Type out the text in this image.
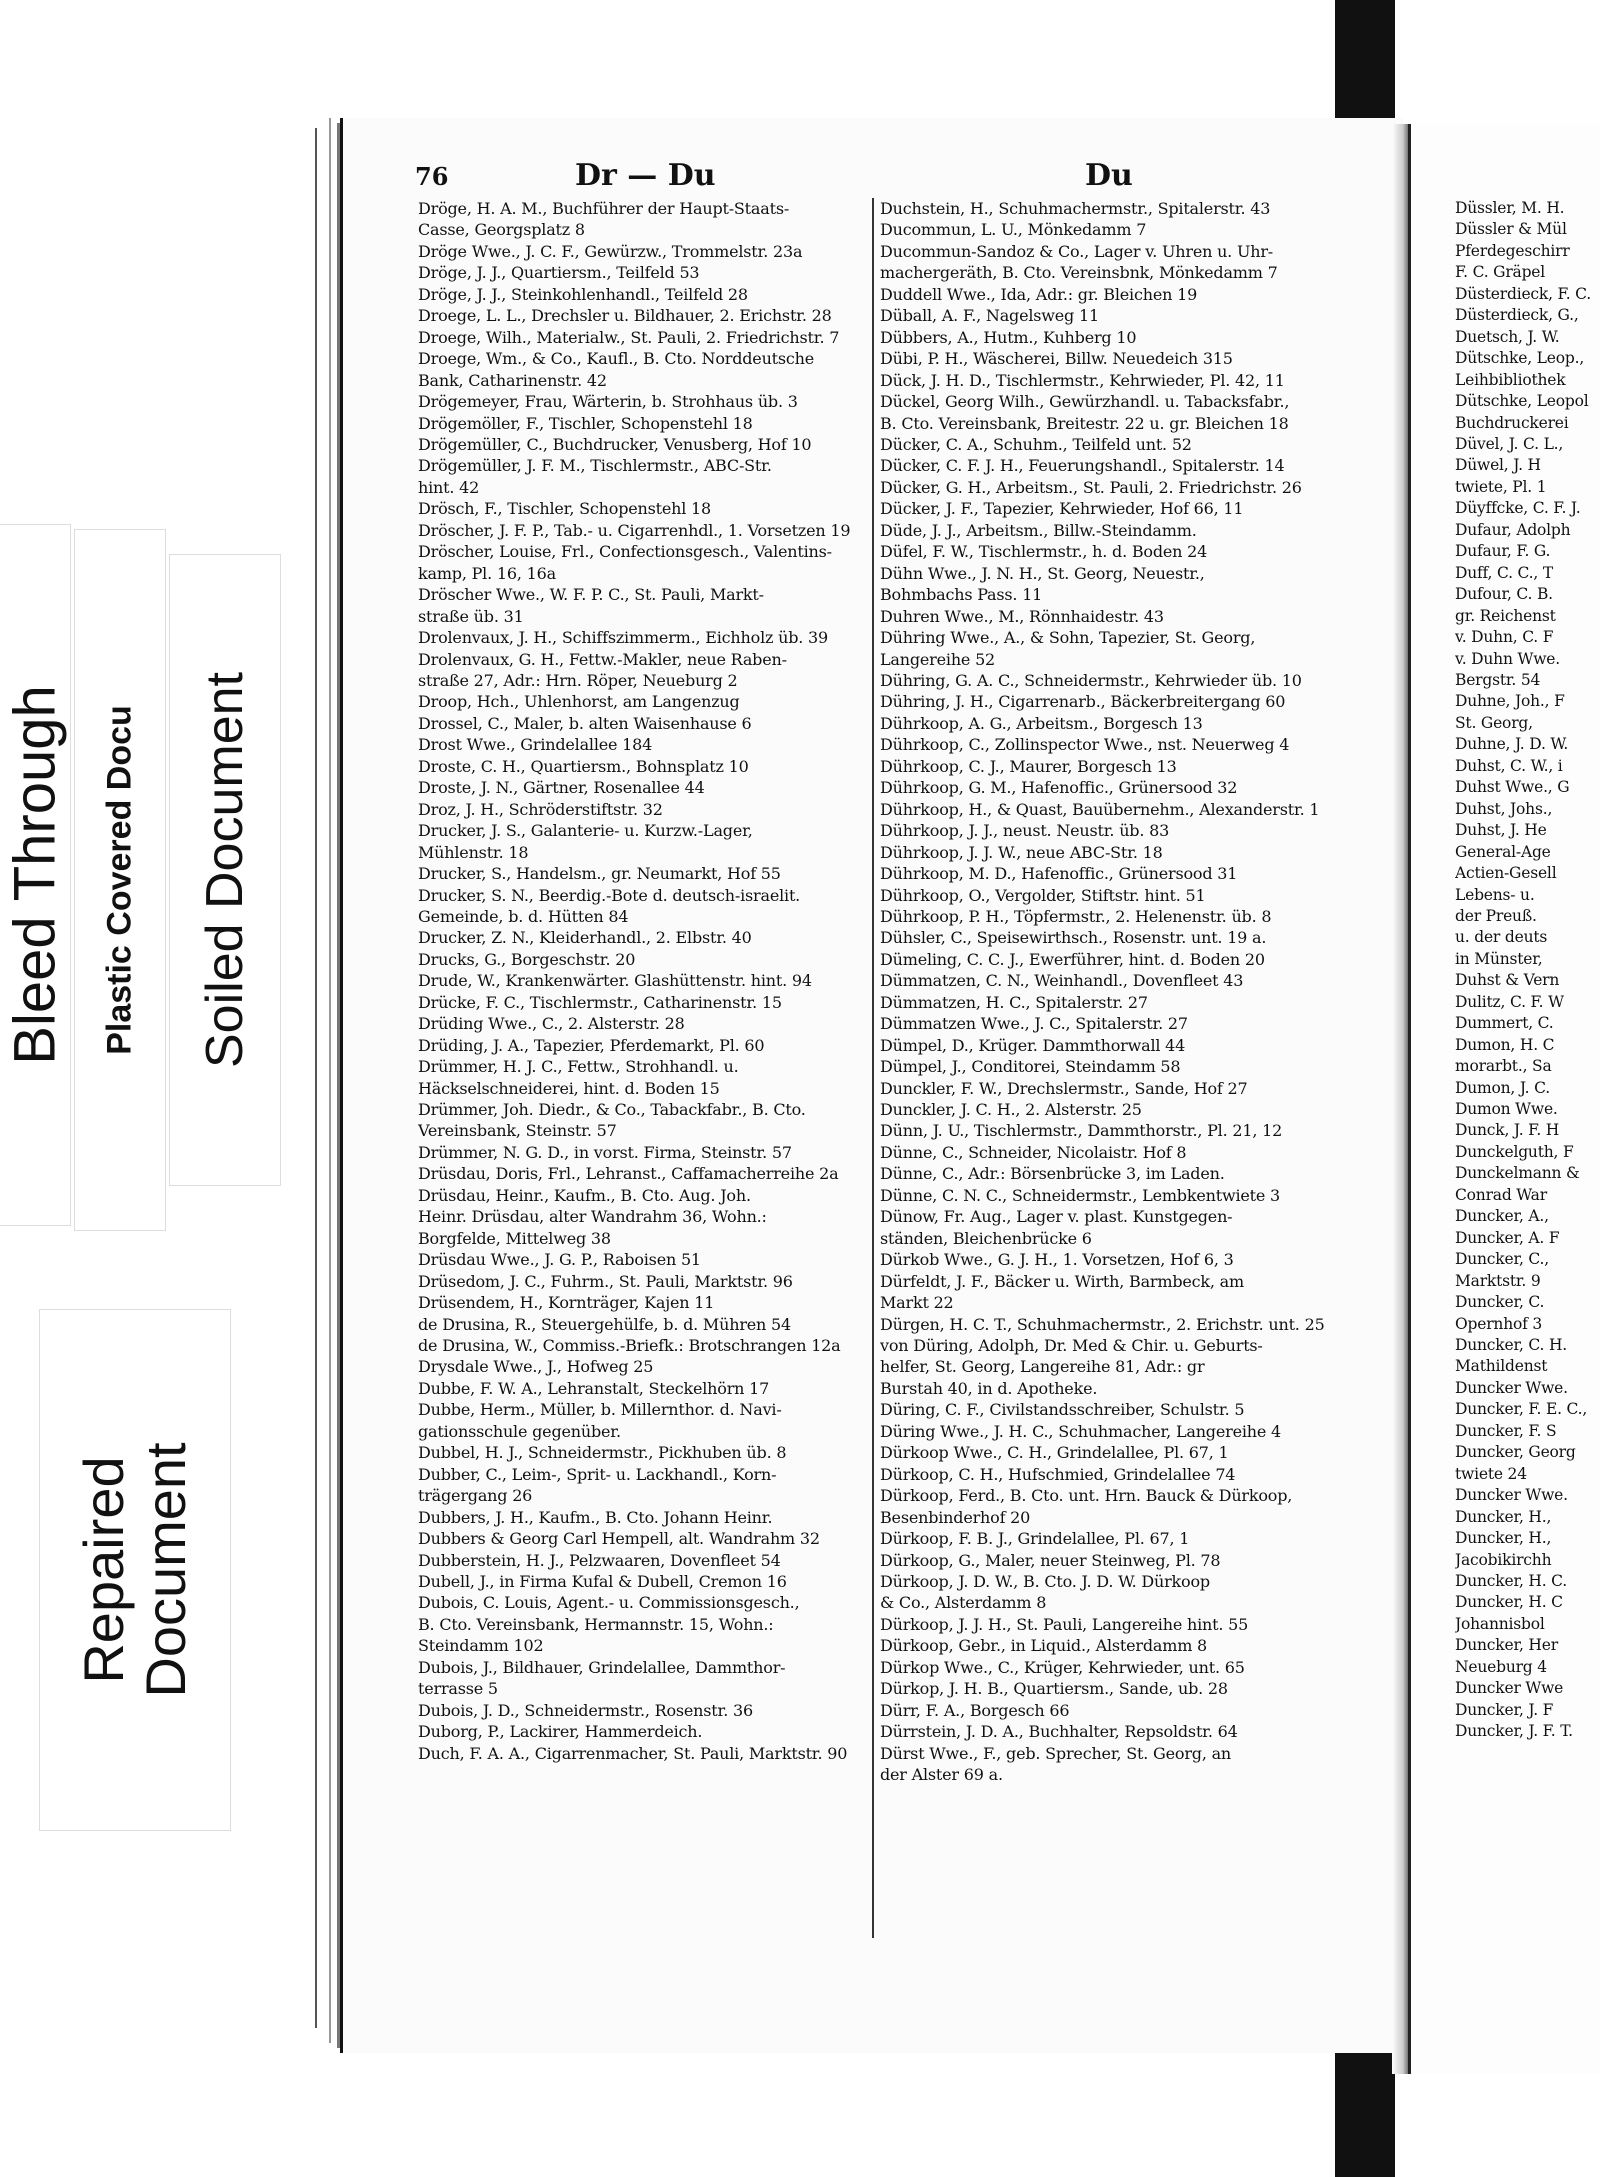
76	Dr — Du	Du
Dröge, H. A. M., Buchführer der Haupt-Staats-
Casse, Georgsplatz 8
Dröge Wwe., J. C. F., Gewürzw., Trommelstr. 23a
Dröge, J. J., Quartiersm., Teilfeld 53
Dröge, J. J., Steinkohlenhandl., Teilfeld 28
Droege, L. L., Drechsler u. Bildhauer, 2. Erichstr. 28
Droege, Wilh., Materialw., St. Pauli, 2. Friedrichstr. 7
Droege, Wm., & Co., Kaufl., B. Cto. Norddeutsche
Bank, Catharinenstr. 42
Drögemeyer, Frau, Wärterin, b. Strohhaus üb. 3
Drögemöller, F., Tischler, Schopenstehl 18
Drögemüller, C., Buchdrucker, Venusberg, Hof 10
Drögemüller, J. F. M., Tischlermstr., ABC-Str.
hint. 42
Drösch, F., Tischler, Schopenstehl 18
Dröscher, J. F. P., Tab.- u. Cigarrenhdl., 1. Vorsetzen 19
Dröscher, Louise, Frl., Confectionsgesch., Valentins-
kamp, Pl. 16, 16a
Dröscher Wwe., W. F. P. C., St. Pauli, Markt-
straße üb. 31
Drolenvaux, J. H., Schiffszimmerm., Eichholz üb. 39
Drolenvaux, G. H., Fettw.-Makler, neue Raben-
straße 27, Adr.: Hrn. Röper, Neueburg 2
Droop, Hch., Uhlenhorst, am Langenzug
Drossel, C., Maler, b. alten Waisenhause 6
Drost Wwe., Grindelallee 184
Droste, C. H., Quartiersm., Bohnsplatz 10
Droste, J. N., Gärtner, Rosenallee 44
Droz, J. H., Schröderstiftstr. 32
Drucker, J. S., Galanterie- u. Kurzw.-Lager,
Mühlenstr. 18
Drucker, S., Handelsm., gr. Neumarkt, Hof 55
Drucker, S. N., Beerdig.-Bote d. deutsch-israelit.
Gemeinde, b. d. Hütten 84
Drucker, Z. N., Kleiderhandl., 2. Elbstr. 40
Drucks, G., Borgeschstr. 20
Drude, W., Krankenwärter. Glashüttenstr. hint. 94
Drücke, F. C., Tischlermstr., Catharinenstr. 15
Drüding Wwe., C., 2. Alsterstr. 28
Drüding, J. A., Tapezier, Pferdemarkt, Pl. 60
Drümmer, H. J. C., Fettw., Strohhandl. u.
Häckselschneiderei, hint. d. Boden 15
Drümmer, Joh. Diedr., & Co., Tabackfabr., B. Cto.
Vereinsbank, Steinstr. 57
Drümmer, N. G. D., in vorst. Firma, Steinstr. 57
Drüsdau, Doris, Frl., Lehranst., Caffamacherreihe 2a
Drüsdau, Heinr., Kaufm., B. Cto. Aug. Joh.
Heinr. Drüsdau, alter Wandrahm 36, Wohn.:
Borgfelde, Mittelweg 38
Drüsdau Wwe., J. G. P., Raboisen 51
Drüsedom, J. C., Fuhrm., St. Pauli, Marktstr. 96
Drüsendem, H., Kornträger, Kajen 11
de Drusina, R., Steuergehülfe, b. d. Mühren 54
de Drusina, W., Commiss.-Briefk.: Brotschrangen 12a
Drysdale Wwe., J., Hofweg 25
Dubbe, F. W. A., Lehranstalt, Steckelhörn 17
Dubbe, Herm., Müller, b. Millernthor. d. Navi-
gationsschule gegenüber.
Dubbel, H. J., Schneidermstr., Pickhuben üb. 8
Dubber, C., Leim-, Sprit- u. Lackhandl., Korn-
trägergang 26
Dubbers, J. H., Kaufm., B. Cto. Johann Heinr.
Dubbers & Georg Carl Hempell, alt. Wandrahm 32
Dubberstein, H. J., Pelzwaaren, Dovenfleet 54
Dubell, J., in Firma Kufal & Dubell, Cremon 16
Dubois, C. Louis, Agent.- u. Commissionsgesch.,
B. Cto. Vereinsbank, Hermannstr. 15, Wohn.:
Steindamm 102
Dubois, J., Bildhauer, Grindelallee, Dammthor-
terrasse 5
Dubois, J. D., Schneidermstr., Rosenstr. 36
Duborg, P., Lackirer, Hammerdeich.
Duch, F. A. A., Cigarrenmacher, St. Pauli, Marktstr. 90
Duchstein, H., Schuhmachermstr., Spitalerstr. 43
Ducommun, L. U., Mönkedamm 7
Ducommun-Sandoz & Co., Lager v. Uhren u. Uhr-
machergeräth, B. Cto. Vereinsbnk, Mönkedamm 7
Duddell Wwe., Ida, Adr.: gr. Bleichen 19
Düball, A. F., Nagelsweg 11
Dübbers, A., Hutm., Kuhberg 10
Dübi, P. H., Wäscherei, Billw. Neuedeich 315
Dück, J. H. D., Tischlermstr., Kehrwieder, Pl. 42, 11
Dückel, Georg Wilh., Gewürzhandl. u. Tabacksfabr.,
B. Cto. Vereinsbank, Breitestr. 22 u. gr. Bleichen 18
Dücker, C. A., Schuhm., Teilfeld unt. 52
Dücker, C. F. J. H., Feuerungshandl., Spitalerstr. 14
Dücker, G. H., Arbeitsm., St. Pauli, 2. Friedrichstr. 26
Dücker, J. F., Tapezier, Kehrwieder, Hof 66, 11
Düde, J. J., Arbeitsm., Billw.-Steindamm.
Düfel, F. W., Tischlermstr., h. d. Boden 24
Dühn Wwe., J. N. H., St. Georg, Neuestr.,
Bohmbachs Pass. 11
Duhren Wwe., M., Rönnhaidestr. 43
Dühring Wwe., A., & Sohn, Tapezier, St. Georg,
Langereihe 52
Dühring, G. A. C., Schneidermstr., Kehrwieder üb. 10
Dühring, J. H., Cigarrenarb., Bäckerbreitergang 60
Dührkoop, A. G., Arbeitsm., Borgesch 13
Dührkoop, C., Zollinspector Wwe., nst. Neuerweg 4
Dührkoop, C. J., Maurer, Borgesch 13
Dührkoop, G. M., Hafenoffic., Grünersood 32
Dührkoop, H., & Quast, Bauübernehm., Alexanderstr. 1
Dührkoop, J. J., neust. Neustr. üb. 83
Dührkoop, J. J. W., neue ABC-Str. 18
Dührkoop, M. D., Hafenoffic., Grünersood 31
Dührkoop, O., Vergolder, Stiftstr. hint. 51
Dührkoop, P. H., Töpfermstr., 2. Helenenstr. üb. 8
Dühsler, C., Speisewirthsch., Rosenstr. unt. 19 a.
Dümeling, C. C. J., Ewerführer, hint. d. Boden 20
Dümmatzen, C. N., Weinhandl., Dovenfleet 43
Dümmatzen, H. C., Spitalerstr. 27
Dümmatzen Wwe., J. C., Spitalerstr. 27
Dümpel, D., Krüger. Dammthorwall 44
Dümpel, J., Conditorei, Steindamm 58
Dunckler, F. W., Drechslermstr., Sande, Hof 27
Dunckler, J. C. H., 2. Alsterstr. 25
Dünn, J. U., Tischlermstr., Dammthorstr., Pl. 21, 12
Dünne, C., Schneider, Nicolaistr. Hof 8
Dünne, C., Adr.: Börsenbrücke 3, im Laden.
Dünne, C. N. C., Schneidermstr., Lembkentwiete 3
Dünow, Fr. Aug., Lager v. plast. Kunstgegen-
ständen, Bleichenbrücke 6
Dürkob Wwe., G. J. H., 1. Vorsetzen, Hof 6, 3
Dürfeldt, J. F., Bäcker u. Wirth, Barmbeck, am
Markt 22
Dürgen, H. C. T., Schuhmachermstr., 2. Erichstr. unt. 25
von Düring, Adolph, Dr. Med & Chir. u. Geburts-
helfer, St. Georg, Langereihe 81, Adr.: gr
Burstah 40, in d. Apotheke.
Düring, C. F., Civilstandsschreiber, Schulstr. 5
Düring Wwe., J. H. C., Schuhmacher, Langereihe 4
Dürkoop Wwe., C. H., Grindelallee, Pl. 67, 1
Dürkoop, C. H., Hufschmied, Grindelallee 74
Dürkoop, Ferd., B. Cto. unt. Hrn. Bauck & Dürkoop,
Besenbinderhof 20
Dürkoop, F. B. J., Grindelallee, Pl. 67, 1
Dürkoop, G., Maler, neuer Steinweg, Pl. 78
Dürkoop, J. D. W., B. Cto. J. D. W. Dürkoop
& Co., Alsterdamm 8
Dürkoop, J. J. H., St. Pauli, Langereihe hint. 55
Dürkoop, Gebr., in Liquid., Alsterdamm 8
Dürkop Wwe., C., Krüger, Kehrwieder, unt. 65
Dürkop, J. H. B., Quartiersm., Sande, ub. 28
Dürr, F. A., Borgesch 66
Dürrstein, J. D. A., Buchhalter, Repsoldstr. 64
Dürst Wwe., F., geb. Sprecher, St. Georg, an
der Alster 69 a.
Düssler, M. H.
Düssler & Mül
Pferdegeschirr
F. C. Gräpel
Düsterdieck, F. C.
Düsterdieck, G.,
Duetsch, J. W.
Dütschke, Leop.,
Leihbibliothek
Dütschke, Leopol
Buchdruckerei
Düvel, J. C. L.,
Düwel, J. H
twiete, Pl. 1
Düyffcke, C. F. J.
Dufaur, Adolph
Dufaur, F. G.
Duff, C. C., T
Dufour, C. B.
gr. Reichenst
v. Duhn, C. F
v. Duhn Wwe.
Bergstr. 54
Duhne, Joh., F
St. Georg,
Duhne, J. D. W.
Duhst, C. W., i
Duhst Wwe., G
Duhst, Johs.,
Duhst, J. He
General-Age
Actien-Gesell
Lebens- u.
der Preuß.
u. der deuts
in Münster,
Duhst & Vern
Dulitz, C. F. W
Dummert, C.
Dumon, H. C
morarbt., Sa
Dumon, J. C.
Dumon Wwe.
Dunck, J. F. H
Dunckelguth, F
Dunckelmann &
Conrad War
Duncker, A.,
Duncker, A. F
Duncker, C.,
Marktstr. 9
Duncker, C.
Opernhof 3
Duncker, C. H.
Mathildenst
Duncker Wwe.
Duncker, F. E. C.,
Duncker, F. S
Duncker, Georg
twiete 24
Duncker Wwe.
Duncker, H.,
Duncker, H.,
Jacobikirchh
Duncker, H. C.
Duncker, H. C
Johannisbol
Duncker, Her
Neueburg 4
Duncker Wwe
Duncker, J. F
Duncker, J. F. T.
Bleed Through Plastic Covered Docu Soiled Document
Repaired Document
